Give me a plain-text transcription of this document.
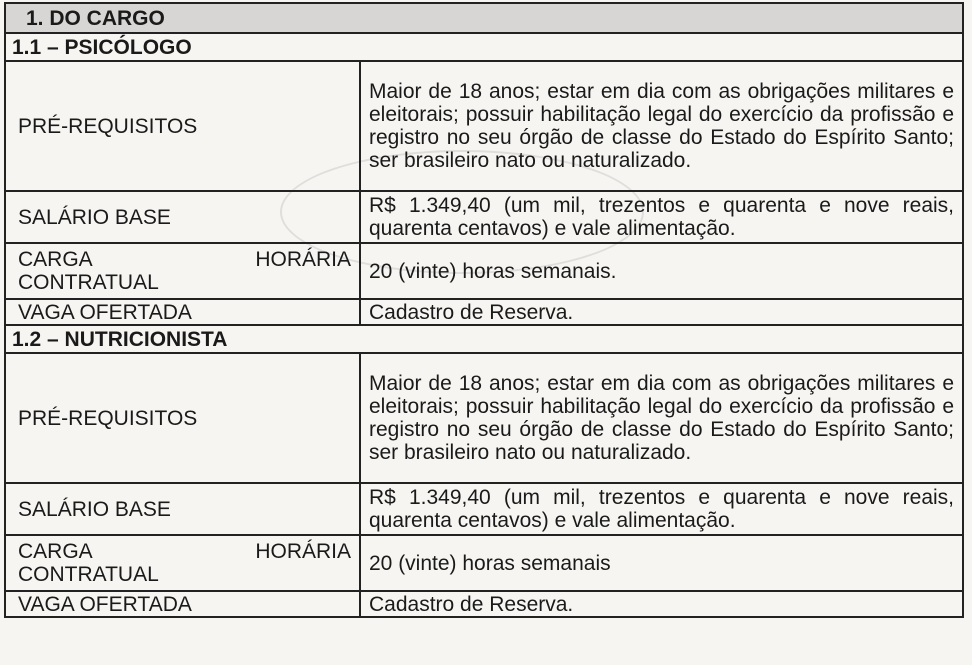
1. DO CARGO	
1.1 – PSICÓLOGO	
PRÉ-REQUISITOS	Maior de 18 anos; estar em dia com as obrigações militares e eleitorais; possuir habilitação legal do exercício da profissão e registro no seu órgão de classe do Estado do Espírito Santo; ser brasileiro nato ou naturalizado.
SALÁRIO BASE	R$ 1.349,40 (um mil, trezentos e quarenta e nove reais, quarenta centavos) e vale alimentação.

CARGA HORÁRIA
CONTRATUAL	20 (vinte) horas semanais.
VAGA OFERTADA	Cadastro de Reserva.
1.2 – NUTRICIONISTA	
PRÉ-REQUISITOS	Maior de 18 anos; estar em dia com as obrigações militares e eleitorais; possuir habilitação legal do exercício da profissão e registro no seu órgão de classe do Estado do Espírito Santo; ser brasileiro nato ou naturalizado.
SALÁRIO BASE	R$ 1.349,40 (um mil, trezentos e quarenta e nove reais, quarenta centavos) e vale alimentação.

CARGA HORÁRIA
CONTRATUAL	20 (vinte) horas semanais
VAGA OFERTADA	Cadastro de Reserva.
